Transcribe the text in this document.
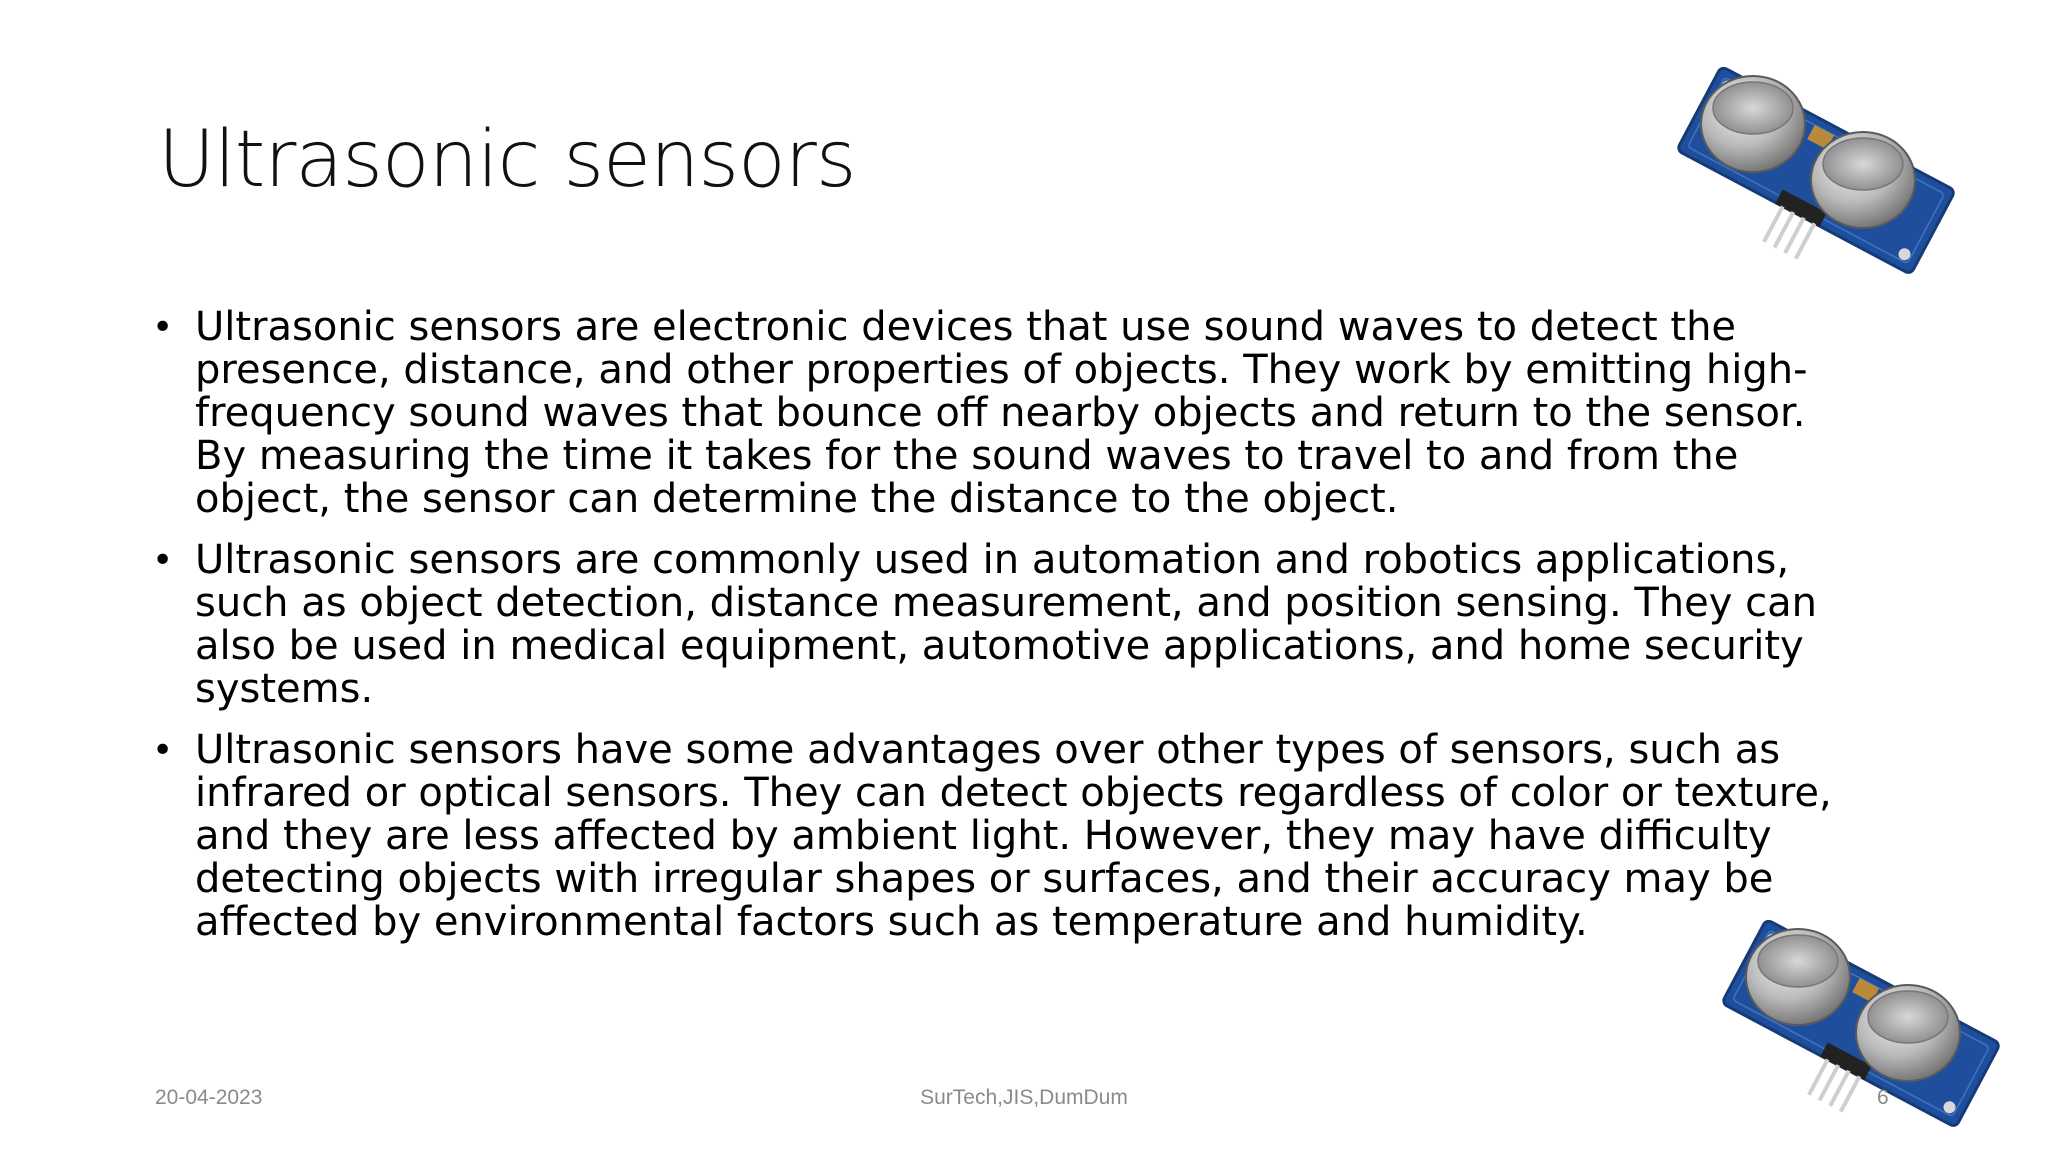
Ultrasonic sensors
• Ultrasonic sensors are electronic devices that use sound waves to detect the
presence, distance, and other properties of objects. They work by emitting high-
frequency sound waves that bounce off nearby objects and return to the sensor.
By measuring the time it takes for the sound waves to travel to and from the
object, the sensor can determine the distance to the object.
• Ultrasonic sensors are commonly used in automation and robotics applications,
such as object detection, distance measurement, and position sensing. They can
also be used in medical equipment, automotive applications, and home security
systems.
• Ultrasonic sensors have some advantages over other types of sensors, such as
infrared or optical sensors. They can detect objects regardless of color or texture,
and they are less affected by ambient light. However, they may have difficulty
detecting objects with irregular shapes or surfaces, and their accuracy may be
affected by environmental factors such as temperature and humidity.
20-04-2023	SurTech,JIS,DumDum	6
